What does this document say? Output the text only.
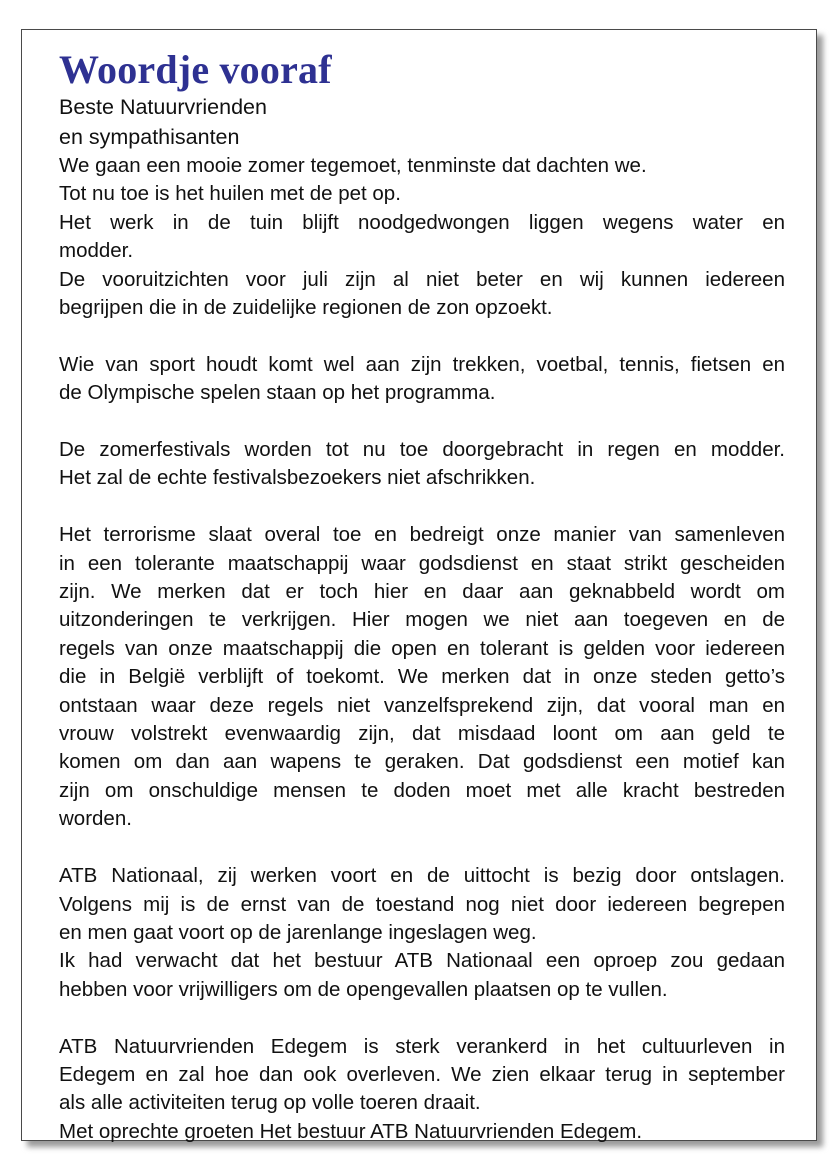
Woordje vooraf

Beste Natuurvrienden

en sympathisanten

We gaan een mooie zomer tegemoet, tenminste dat dachten we.
Tot nu toe is het huilen met de pet op.
Het werk in de tuin blijft noodgedwongen liggen wegens water en
modder.
De vooruitzichten voor juli zijn al niet beter en wij kunnen iedereen
begrijpen die in de zuidelijke regionen de zon opzoekt.

Wie van sport houdt komt wel aan zijn trekken, voetbal, tennis, fietsen en
de Olympische spelen staan op het programma.

De zomerfestivals worden tot nu toe doorgebracht in regen en modder.
Het zal de echte festivalsbezoekers niet afschrikken.

Het terrorisme slaat overal toe en bedreigt onze manier van samenleven
in een tolerante maatschappij waar godsdienst en staat strikt gescheiden
zijn. We merken dat er toch hier en daar aan geknabbeld wordt om
uitzonderingen te verkrijgen. Hier mogen we niet aan toegeven en de
regels van onze maatschappij die open en tolerant is gelden voor iedereen
die in België verblijft of toekomt. We merken dat in onze steden getto’s
ontstaan waar deze regels niet vanzelfsprekend zijn, dat vooral man en
vrouw volstrekt evenwaardig zijn, dat misdaad loont om aan geld te
komen om dan aan wapens te geraken. Dat godsdienst een motief kan
zijn om onschuldige mensen te doden moet met alle kracht bestreden
worden.

ATB Nationaal, zij werken voort en de uittocht is bezig door ontslagen.
Volgens mij is de ernst van de toestand nog niet door iedereen begrepen
en men gaat voort op de jarenlange ingeslagen weg.
Ik had verwacht dat het bestuur ATB Nationaal een oproep zou gedaan
hebben voor vrijwilligers om de opengevallen plaatsen op te vullen.

ATB Natuurvrienden Edegem is sterk verankerd in het cultuurleven in
Edegem en zal hoe dan ook overleven. We zien elkaar terug in september
als alle activiteiten terug op volle toeren draait.
Met oprechte groeten Het bestuur ATB Natuurvrienden Edegem.
